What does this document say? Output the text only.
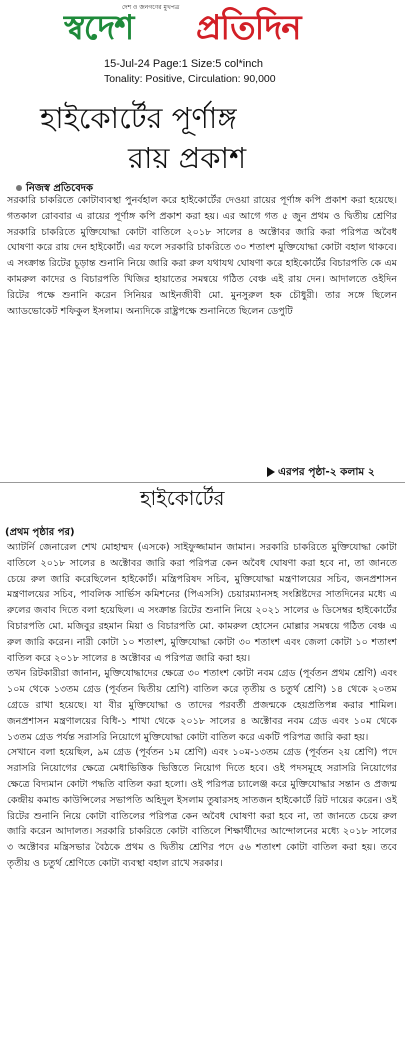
দেশ ও জনগণের মুখপত্র
স্বদেশ প্রতিদিন
15-Jul-24 Page:1 Size:5 col*inch
Tonality: Positive, Circulation: 90,000
হাইকোর্টের পূর্ণাঙ্গ
রায় প্রকাশ
নিজস্ব প্রতিবেদক
সরকারি চাকরিতে কোটাব্যবস্থা পুনর্বহাল করে হাইকোর্টের দেওয়া রায়ের পূর্ণাঙ্গ কপি প্রকাশ করা হয়েছে। গতকাল রোববার এ রায়ের পূর্ণাঙ্গ কপি প্রকাশ করা হয়। এর আগে গত ৫ জুন প্রথম ও দ্বিতীয় শ্রেণির সরকারি চাকরিতে মুক্তিযোদ্ধা কোটা বাতিলে ২০১৮ সালের ৪ অক্টোবর জারি করা পরিপত্র অবৈধ ঘোষণা করে রায় দেন হাইকোর্ট। এর ফলে সরকারি চাকরিতে ৩০ শতাংশ মুক্তিযোদ্ধা কোটা বহাল থাকবে। এ সংক্রান্ত রিটের চূড়ান্ত শুনানি নিয়ে জারি করা রুল যথাযথ ঘোষণা করে হাইকোর্টের বিচারপতি কে এম কামরুল কাদের ও বিচারপতি খিজির হায়াতের সমন্বয়ে গঠিত বেঞ্চ এই রায় দেন। আদালতে ওইদিন রিটের পক্ষে শুনানি করেন সিনিয়র আইনজীবী মো. মুনসুরুল হক চৌধুরী। তার সঙ্গে ছিলেন অ্যাডভোকেট শফিকুল ইসলাম। অন্যদিকে রাষ্ট্রপক্ষে শুনানিতে ছিলেন ডেপুটি
এরপর পৃষ্ঠা-২ কলাম ২
হাইকোর্টের
(প্রথম পৃষ্ঠার পর)

অ্যাটর্নি জেনারেল শেখ মোহাম্মদ (এসকে) সাইফুজ্জামান জামান। সরকারি চাকরিতে মুক্তিযোদ্ধা কোটা বাতিলে ২০১৮ সালের ৪ অক্টোবর জারি করা পরিপত্র কেন অবৈধ ঘোষণা করা হবে না, তা জানতে চেয়ে রুল জারি করেছিলেন হাইকোর্ট। মন্ত্রিপরিষদ সচিব, মুক্তিযোদ্ধা মন্ত্রণালয়ের সচিব, জনপ্রশাসন মন্ত্রণালয়ের সচিব, পাবলিক সার্ভিস কমিশনের (পিএসসি) চেয়ারম্যানসহ সংশ্লিষ্টদের সাতদিনের মধ্যে এ রুলের জবাব দিতে বলা হয়েছিল। এ সংক্রান্ত রিটের শুনানি নিয়ে ২০২১ সালের ৬ ডিসেম্বর হাইকোর্টের বিচারপতি মো. মজিবুর রহমান মিয়া ও বিচারপতি মো. কামরুল হোসেন মোল্লার সমন্বয়ে গঠিত বেঞ্চ এ রুল জারি করেন। নারী কোটা ১০ শতাংশ, মুক্তিযোদ্ধা কোটা ৩০ শতাংশ এবং জেলা কোটা ১০ শতাংশ বাতিল করে ২০১৮ সালের ৪ অক্টোবর এ পরিপত্র জারি করা হয়।

তখন রিটকারীরা জানান, মুক্তিযোদ্ধাদের ক্ষেত্রে ৩০ শতাংশ কোটা নবম গ্রেড (পূর্বতন প্রথম শ্রেণি) এবং ১০ম থেকে ১৩তম গ্রেড (পূর্বতন দ্বিতীয় শ্রেণি) বাতিল করে তৃতীয় ও চতুর্থ শ্রেণি) ১৪ থেকে ২০তম গ্রেডে রাখা হয়েছে। যা বীর মুক্তিযোদ্ধা ও তাদের পরবর্তী প্রজন্মকে হেয়প্রতিপন্ন করার শামিল। জনপ্রশাসন মন্ত্রণালয়ের বিধি-১ শাখা থেকে ২০১৮ সালের ৪ অক্টোবর নবম গ্রেড এবং ১০ম থেকে ১৩তম গ্রেড পর্যন্ত সরাসরি নিয়োগে মুক্তিযোদ্ধা কোটা বাতিল করে একটি পরিপত্র জারি করা হয়।

সেখানে বলা হয়েছিল, ৯ম গ্রেড (পূর্বতন ১ম শ্রেণি) এবং ১০ম-১৩তম গ্রেড (পূর্বতন ২য় শ্রেণি) পদে সরাসরি নিয়োগের ক্ষেত্রে মেধাভিত্তিক ভিত্তিতে নিয়োগ দিতে হবে। ওই পদসমূহে সরাসরি নিয়োগের ক্ষেত্রে বিদ্যমান কোটা পদ্ধতি বাতিল করা হলো। ওই পরিপত্র চ্যালেঞ্জ করে মুক্তিযোদ্ধার সন্তান ও প্রজন্ম কেন্দ্রীয় কমান্ড কাউন্সিলের সভাপতি অহিদুল ইসলাম তুষারসহ সাতজন হাইকোর্টে রিট দায়ের করেন। ওই রিটের শুনানি নিয়ে কোটা বাতিলের পরিপত্র কেন অবৈধ ঘোষণা করা হবে না, তা জানতে চেয়ে রুল জারি করেন আদালত। সরকারি চাকরিতে কোটা বাতিলে শিক্ষার্থীদের আন্দোলনের মধ্যে ২০১৮ সালের ৩ অক্টোবর মন্ত্রিসভার বৈঠকে প্রথম ও দ্বিতীয় শ্রেণির পদে ৫৬ শতাংশ কোটা বাতিল করা হয়। তবে তৃতীয় ও চতুর্থ শ্রেণিতে কোটা ব্যবস্থা বহাল রাখে সরকার।
